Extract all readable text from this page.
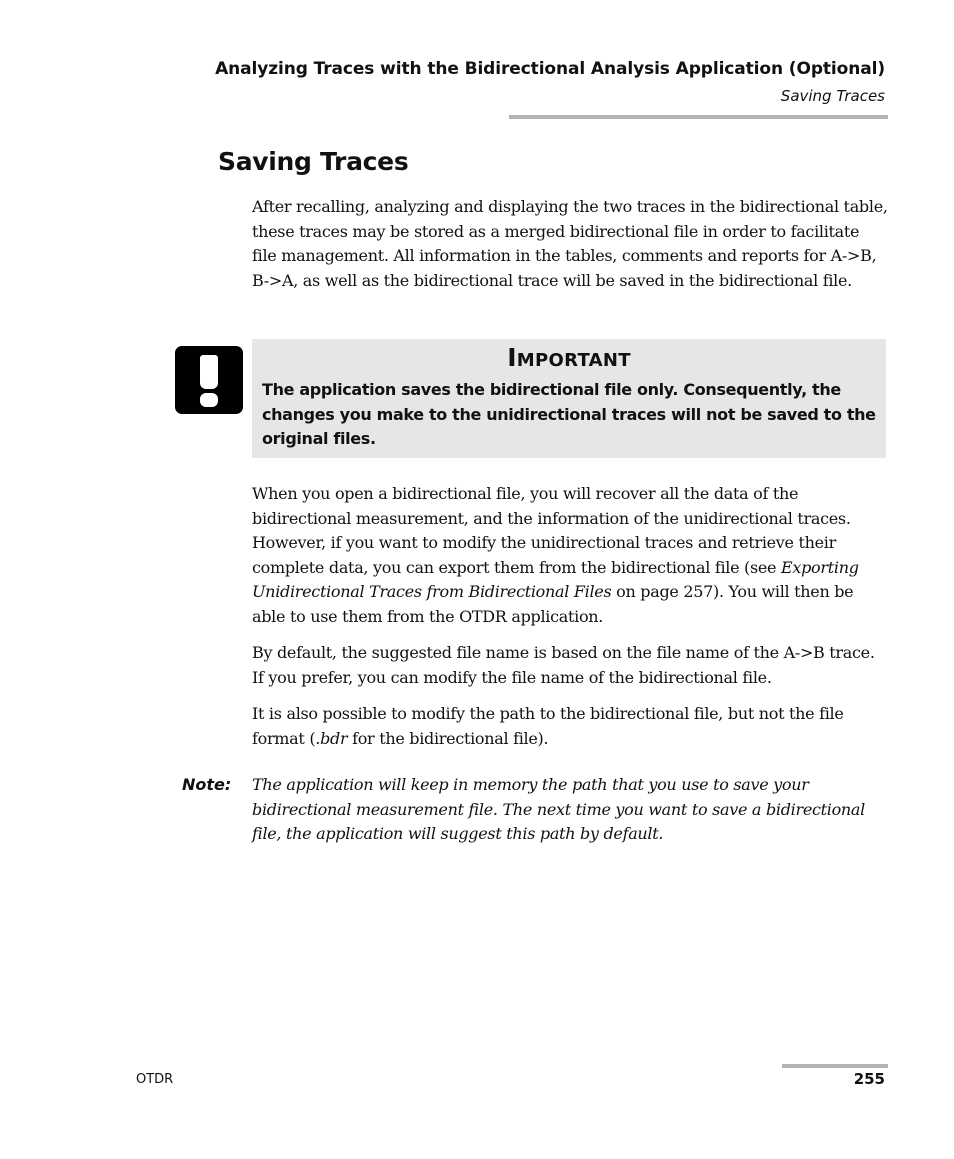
Analyzing Traces with the Bidirectional Analysis Application (Optional)
Saving Traces
Saving Traces

After recalling, analyzing and displaying the two traces in the bidirectional table, these traces may be stored as a merged bidirectional file in order to facilitate file management. All information in the tables, comments and reports for A->B, B->A, as well as the bidirectional trace will be saved in the bidirectional file.

Important
The application saves the bidirectional file only. Consequently, the changes you make to the unidirectional traces will not be saved to the original files.

When you open a bidirectional file, you will recover all the data of the bidirectional measurement, and the information of the unidirectional traces. However, if you want to modify the unidirectional traces and retrieve their complete data, you can export them from the bidirectional file (see Exporting Unidirectional Traces from Bidirectional Files on page 257). You will then be able to use them from the OTDR application.

By default, the suggested file name is based on the file name of the A->B trace. If you prefer, you can modify the file name of the bidirectional file.

It is also possible to modify the path to the bidirectional file, but not the file format (.bdr for the bidirectional file).

Note: The application will keep in memory the path that you use to save your bidirectional measurement file. The next time you want to save a bidirectional file, the application will suggest this path by default.
OTDR	255
